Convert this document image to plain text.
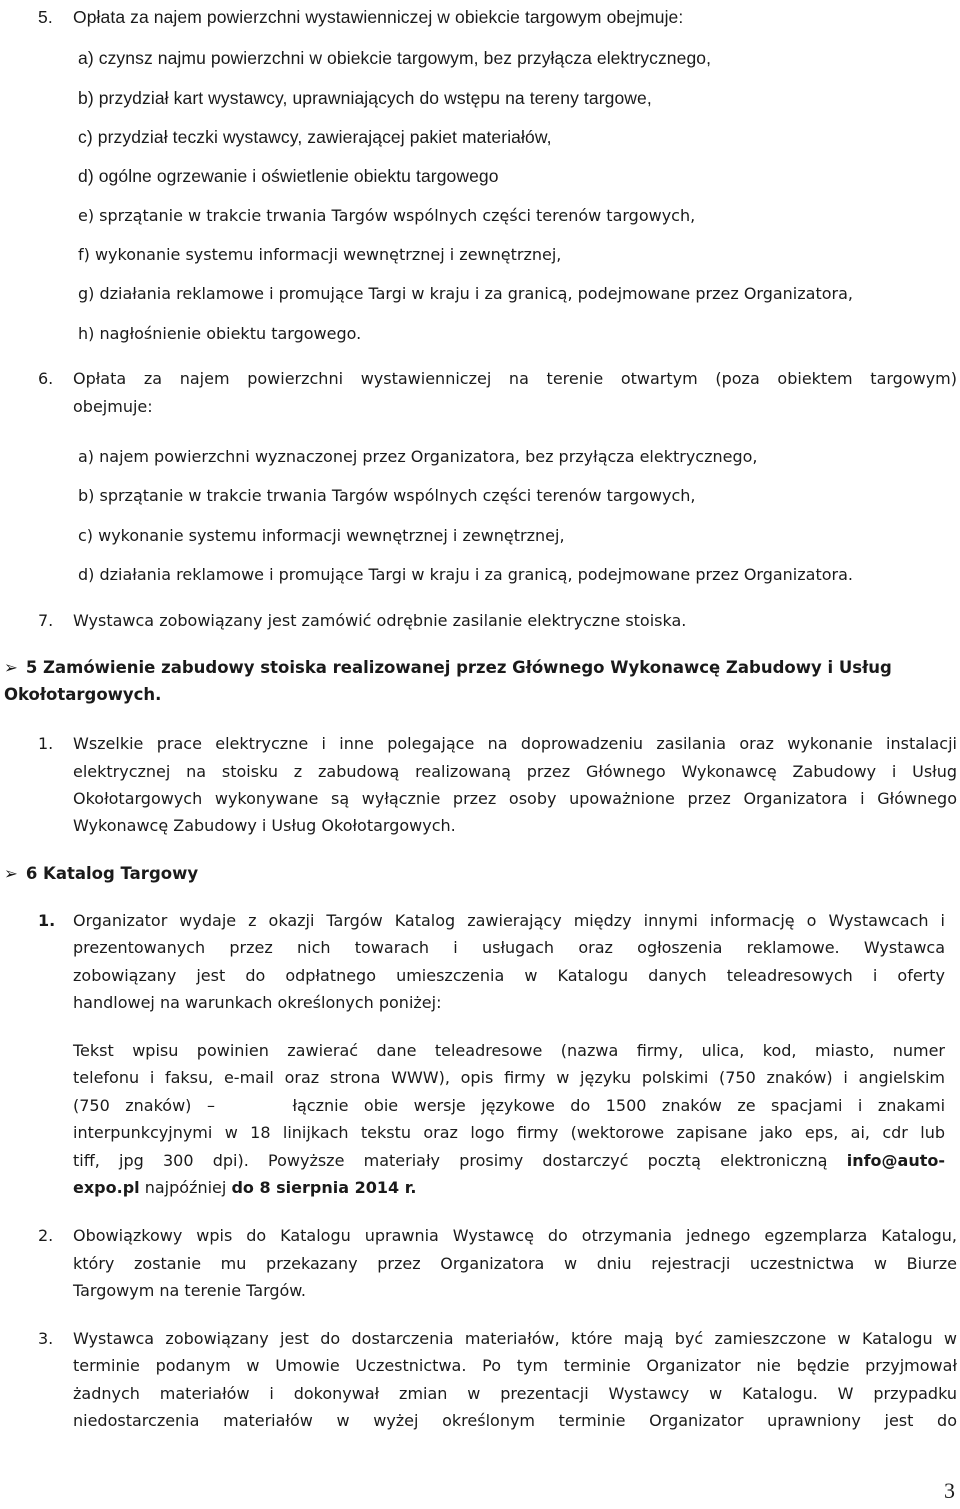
5. Opłata za najem powierzchni wystawienniczej w obiekcie targowym obejmuje:
a) czynsz najmu powierzchni w obiekcie targowym, bez przyłącza elektrycznego,
b) przydział kart wystawcy, uprawniających do wstępu na tereny targowe,
c) przydział teczki wystawcy, zawierającej pakiet materiałów,
d) ogólne ogrzewanie i oświetlenie obiektu targowego
e) sprzątanie w trakcie trwania Targów wspólnych części terenów targowych,
f) wykonanie systemu informacji wewnętrznej i zewnętrznej,
g) działania reklamowe i promujące Targi w kraju i za granicą, podejmowane przez Organizatora,
h) nagłośnienie obiektu targowego.
6. Opłata za najem powierzchni wystawienniczej na terenie otwartym (poza obiektem targowym)
obejmuje:
a) najem powierzchni wyznaczonej przez Organizatora, bez przyłącza elektrycznego,
b) sprzątanie w trakcie trwania Targów wspólnych części terenów targowych,
c) wykonanie systemu informacji wewnętrznej i zewnętrznej,
d) działania reklamowe i promujące Targi w kraju i za granicą, podejmowane przez Organizatora.
7. Wystawca zobowiązany jest zamówić odrębnie zasilanie elektryczne stoiska.
➢ 5 Zamówienie zabudowy stoiska realizowanej przez Głównego Wykonawcę Zabudowy i Usług
Okołotargowych.
1. Wszelkie prace elektryczne i inne polegające na doprowadzeniu zasilania oraz wykonanie instalacji
elektrycznej na stoisku z zabudową realizowaną przez Głównego Wykonawcę Zabudowy i Usług
Okołotargowych wykonywane są wyłącznie przez osoby upoważnione przez Organizatora i Głównego
Wykonawcę Zabudowy i Usług Okołotargowych.
➢ 6 Katalog Targowy
1. Organizator wydaje z okazji Targów Katalog zawierający między innymi informację o Wystawcach i
prezentowanych przez nich towarach i usługach oraz ogłoszenia reklamowe. Wystawca
zobowiązany jest do odpłatnego umieszczenia w Katalogu danych teleadresowych i oferty
handlowej na warunkach określonych poniżej:
Tekst wpisu powinien zawierać dane teleadresowe (nazwa firmy, ulica, kod, miasto, numer
telefonu i faksu, e-mail oraz strona WWW), opis firmy w języku polskimi (750 znaków) i angielskim
(750 znaków) –	łącznie obie wersje językowe do 1500 znaków ze spacjami i znakami
interpunkcyjnymi w 18 linijkach tekstu oraz logo firmy (wektorowe zapisane jako eps, ai, cdr lub
tiff, jpg 300 dpi). Powyższe materiały prosimy dostarczyć pocztą elektroniczną info@auto-
expo.pl najpóźniej do 8 sierpnia 2014 r.
2. Obowiązkowy wpis do Katalogu uprawnia Wystawcę do otrzymania jednego egzemplarza Katalogu,
który zostanie mu przekazany przez Organizatora w dniu rejestracji uczestnictwa w Biurze
Targowym na terenie Targów.
3. Wystawca zobowiązany jest do dostarczenia materiałów, które mają być zamieszczone w Katalogu w
terminie podanym w Umowie Uczestnictwa. Po tym terminie Organizator nie będzie przyjmował
żadnych materiałów i dokonywał zmian w prezentacji Wystawcy w Katalogu. W przypadku
niedostarczenia materiałów w wyżej określonym terminie Organizator uprawniony jest do
3
